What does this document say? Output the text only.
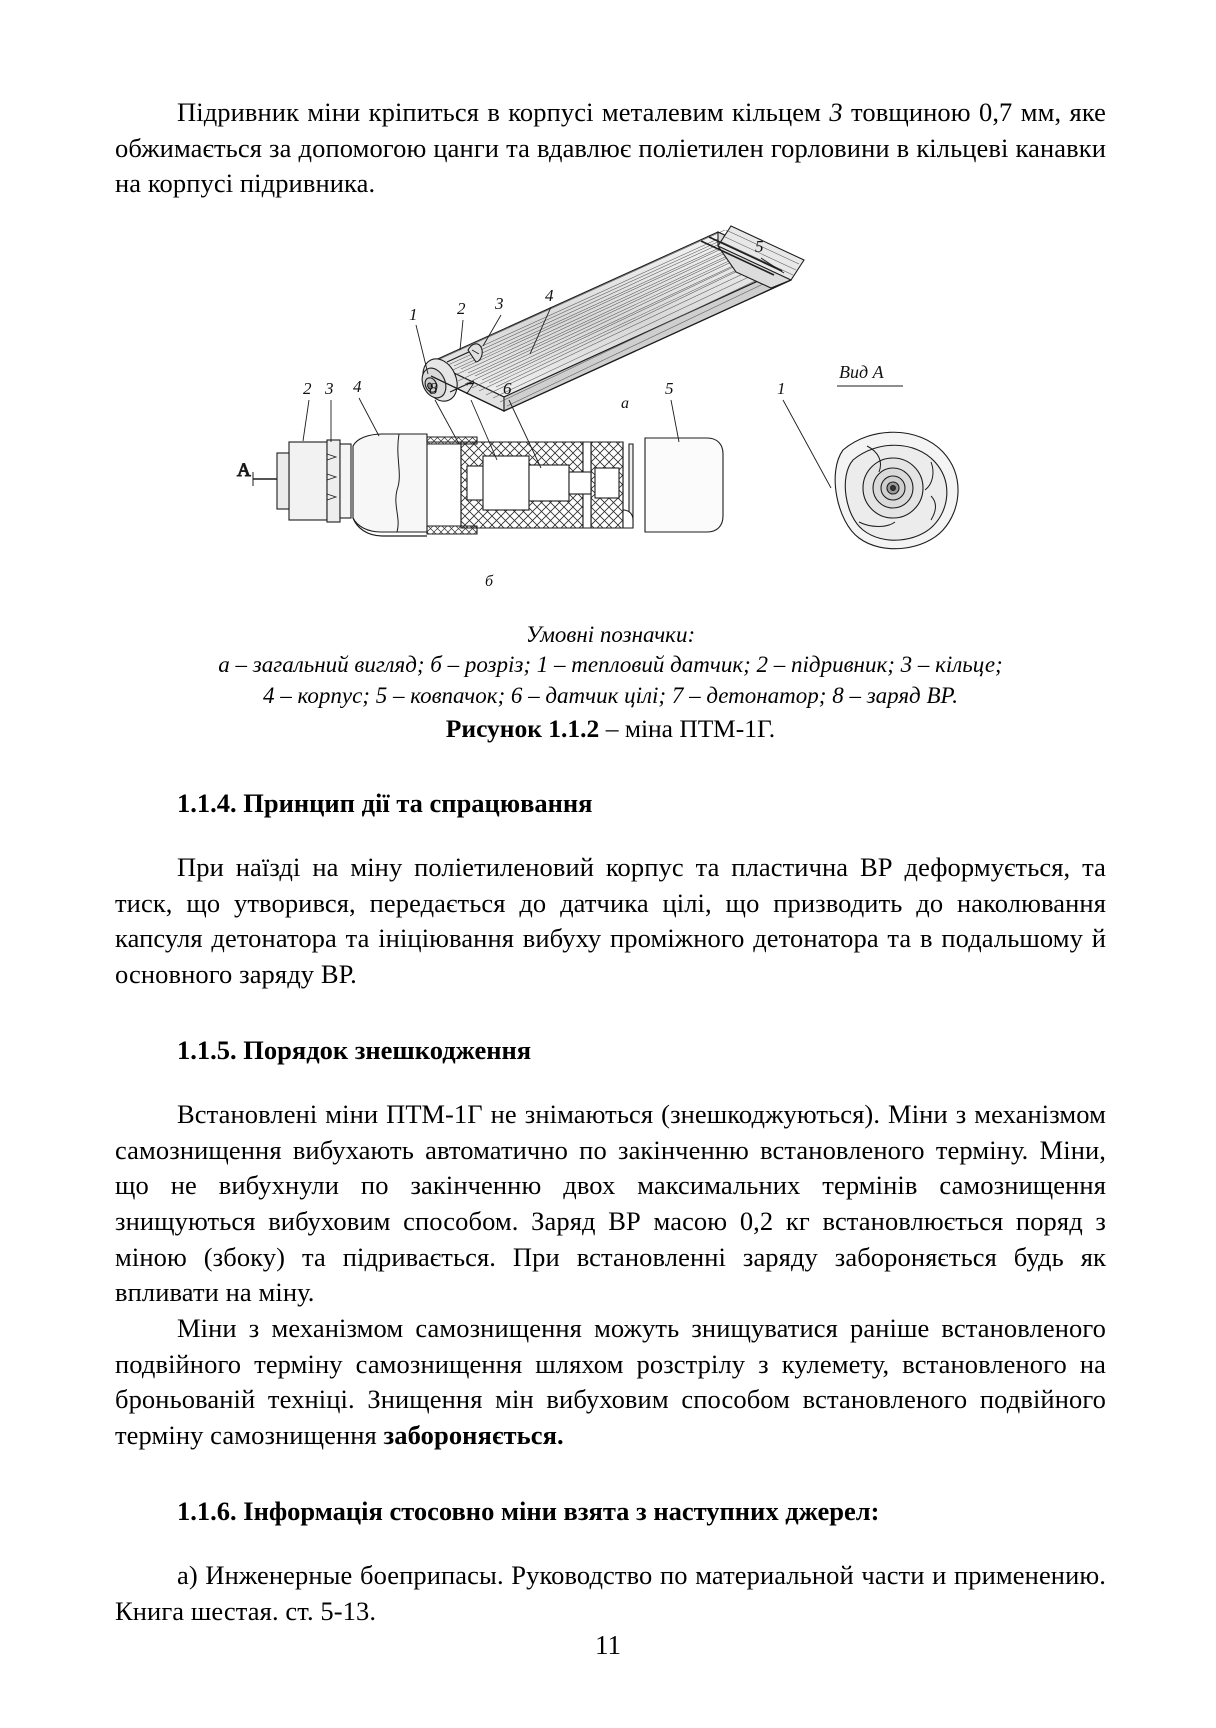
Підривник міни кріпиться в корпусі металевим кільцем 3 товщиною 0,7 мм, яке обжимається за допомогою цанги та вдавлює поліетилен горловини в кільцеві канавки на корпусі підривника.

1 2 3 4
5
а
A
2 3 4	8 7 6	5	1
б
Вид А
Умовні позначки:
а – загальний вигляд; б – розріз; 1 – тепловий датчик; 2 – підривник; 3 – кільце;
4 – корпус; 5 – ковпачок; 6 – датчик цілі; 7 – детонатор; 8 – заряд ВР.
Рисунок 1.1.2 – міна ПТМ-1Г.
1.1.4. Принцип дії та спрацювання

При наїзді на міну поліетиленовий корпус та пластична ВР деформується, та тиск, що утворився, передається до датчика цілі, що призводить до наколювання капсуля детонатора та ініціювання вибуху проміжного детонатора та в подальшому й основного заряду ВР.

1.1.5. Порядок знешкодження

Встановлені міни ПТМ-1Г не знімаються (знешкоджуються). Міни з механізмом самознищення вибухають автоматично по закінченню встановленого терміну. Міни, що не вибухнули по закінченню двох максимальних термінів самознищення знищуються вибуховим способом. Заряд ВР масою 0,2 кг встановлюється поряд з міною (збоку) та підривається. При встановленні заряду забороняється будь як впливати на міну.

Міни з механізмом самознищення можуть знищуватися раніше встановленого подвійного терміну самознищення шляхом розстрілу з кулемету, встановленого на броньованій техніці. Знищення мін вибуховим способом встановленого подвійного терміну самознищення забороняється.

1.1.6. Інформація стосовно міни взята з наступних джерел:

а) Инженерные боеприпасы. Руководство по материальной части и применению. Книга шестая. ст. 5-13.

11
